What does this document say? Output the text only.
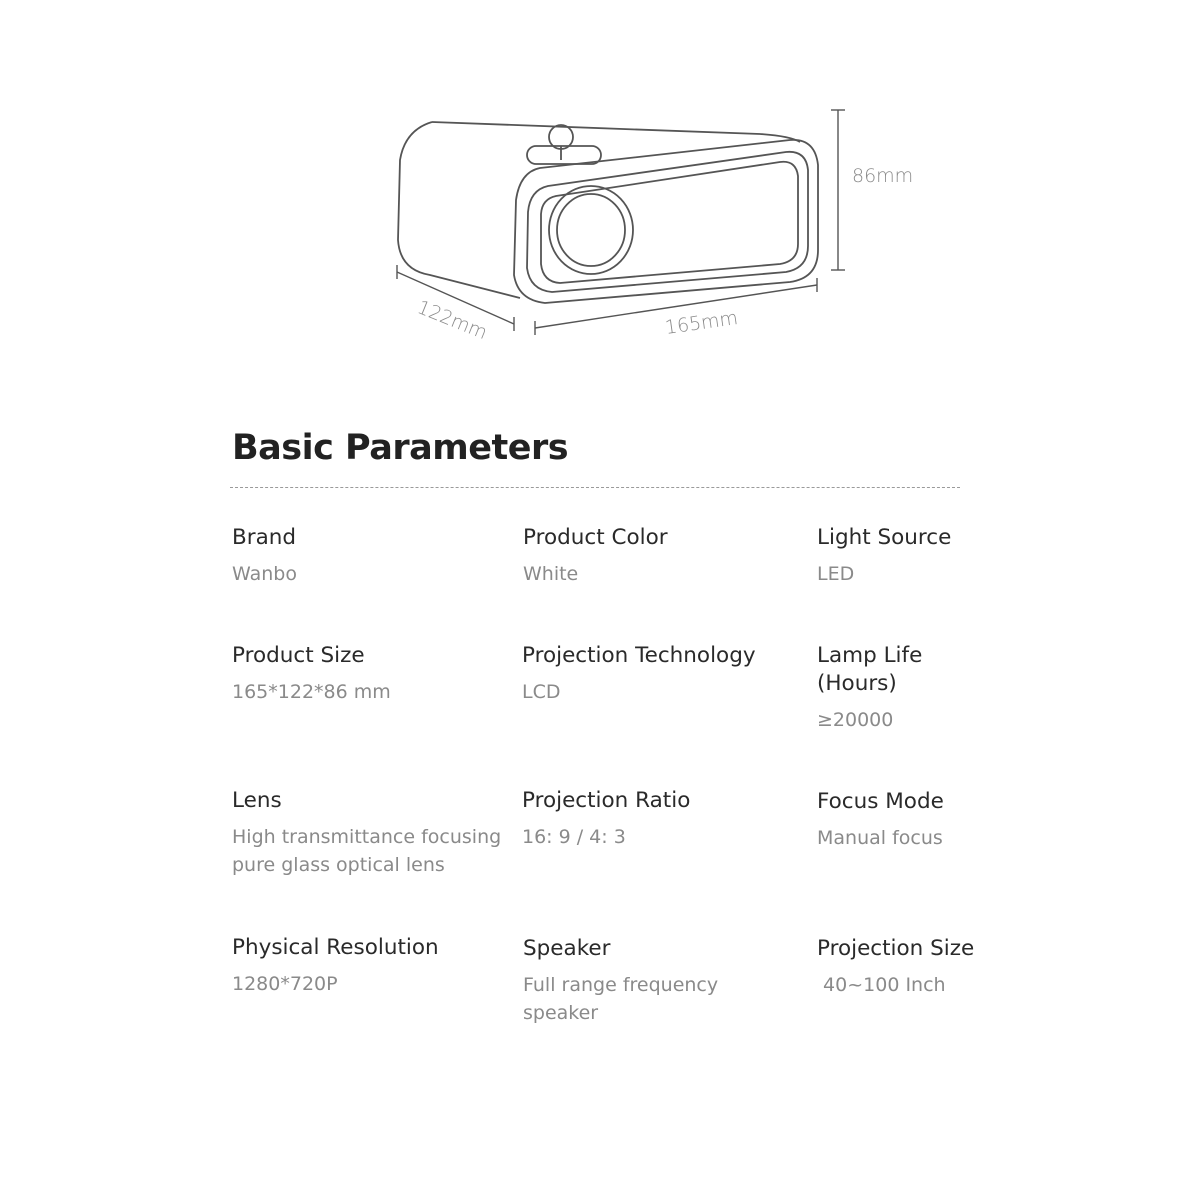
86mm
122mm	165mm
Basic Parameters
Brand
Wanbo
Product Color
White
Light Source
LED
Product Size
165*122*86 mm
Projection Technology
LCD
Lamp Life
(Hours)
≥20000
Lens
High transmittance focusing
pure glass optical lens
Projection Ratio
16: 9 / 4: 3
Focus Mode
Manual focus
Physical Resolution
1280*720P
Speaker
Full range frequency
speaker
Projection Size
40~100 Inch
